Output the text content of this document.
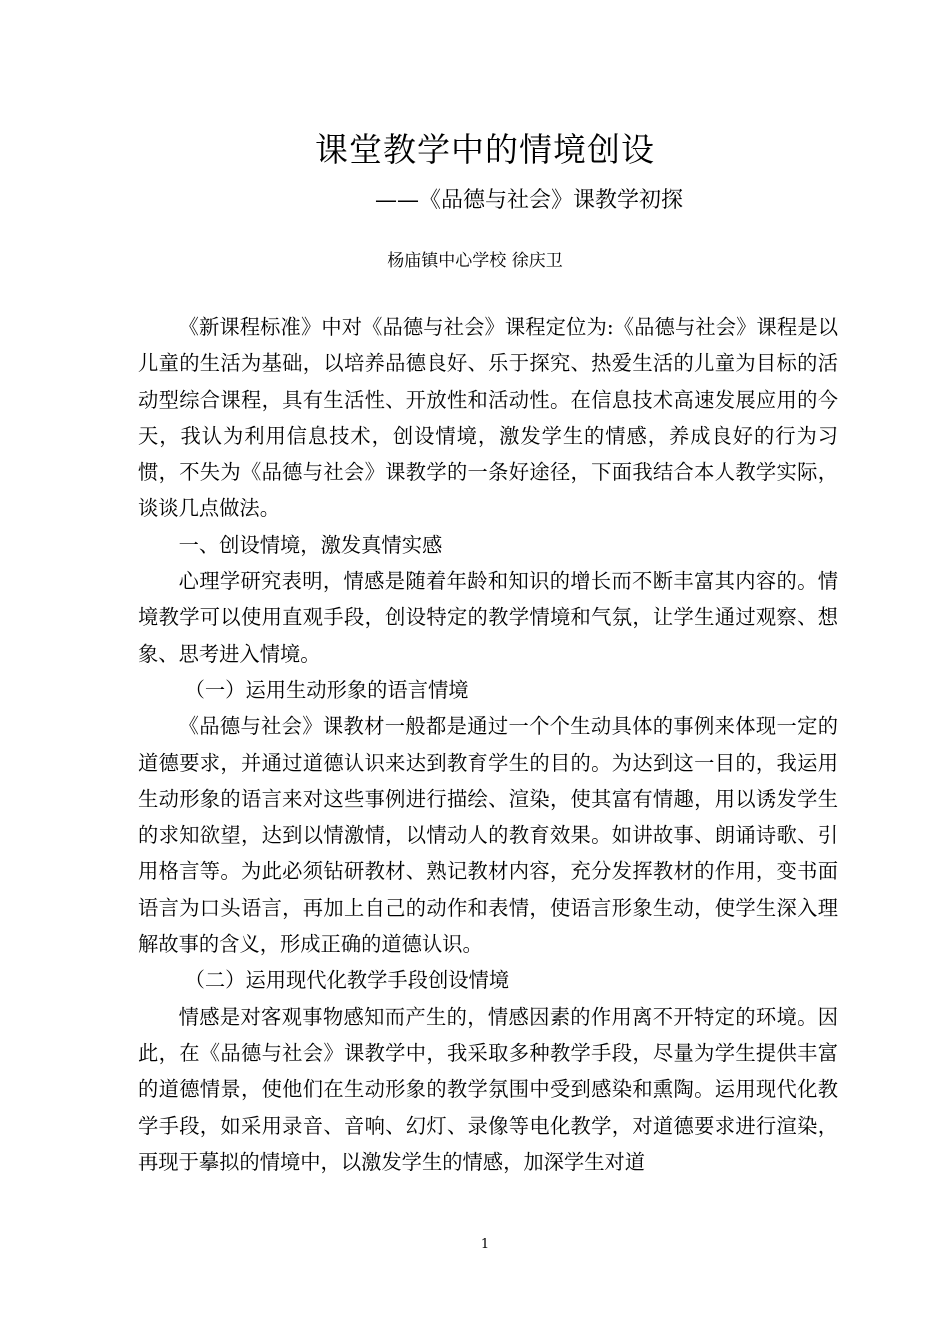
课堂教学中的情境创设
——《品德与社会》课教学初探
杨庙镇中心学校 徐庆卫

《新课程标准》中对《品德与社会》课程定位为:《品德与社会》课程是以儿童的生活为基础，以培养品德良好、乐于探究、热爱生活的儿童为目标的活动型综合课程，具有生活性、开放性和活动性。在信息技术高速发展应用的今天，我认为利用信息技术，创设情境，激发学生的情感，养成良好的行为习惯，不失为《品德与社会》课教学的一条好途径，下面我结合本人教学实际，谈谈几点做法。

一、创设情境，激发真情实感

心理学研究表明，情感是随着年龄和知识的增长而不断丰富其内容的。情境教学可以使用直观手段，创设特定的教学情境和气氛，让学生通过观察、想象、思考进入情境。

（一）运用生动形象的语言情境

《品德与社会》课教材一般都是通过一个个生动具体的事例来体现一定的道德要求，并通过道德认识来达到教育学生的目的。为达到这一目的，我运用生动形象的语言来对这些事例进行描绘、渲染，使其富有情趣，用以诱发学生的求知欲望，达到以情激情，以情动人的教育效果。如讲故事、朗诵诗歌、引用格言等。为此必须钻研教材、熟记教材内容，充分发挥教材的作用，变书面语言为口头语言，再加上自己的动作和表情，使语言形象生动，使学生深入理解故事的含义，形成正确的道德认识。

（二）运用现代化教学手段创设情境

情感是对客观事物感知而产生的，情感因素的作用离不开特定的环境。因此，在《品德与社会》课教学中，我采取多种教学手段，尽量为学生提供丰富的道德情景，使他们在生动形象的教学氛围中受到感染和熏陶。运用现代化教学手段，如采用录音、音响、幻灯、录像等电化教学，对道德要求进行渲染，再现于摹拟的情境中，以激发学生的情感，加深学生对道

1
